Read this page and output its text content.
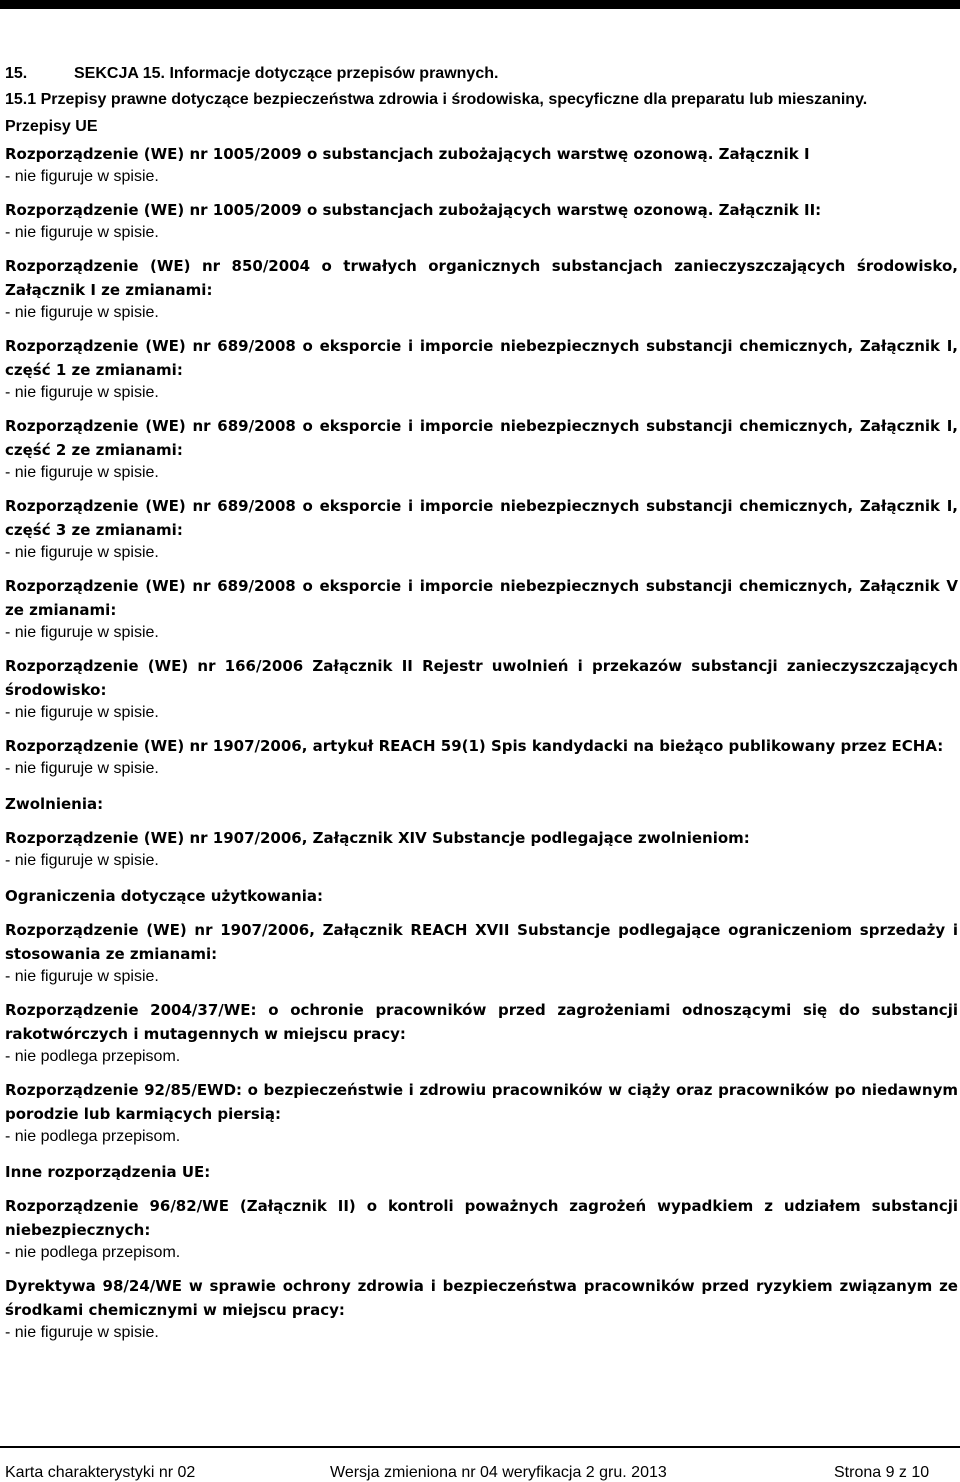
15.	SEKCJA 15. Informacje dotyczące przepisów prawnych.
15.1 Przepisy prawne dotyczące bezpieczeństwa zdrowia i środowiska, specyficzne dla preparatu lub mieszaniny.
Przepisy UE
Rozporządzenie (WE) nr 1005/2009 o substancjach zubożających warstwę ozonową. Załącznik I
- nie figuruje w spisie.
Rozporządzenie (WE) nr 1005/2009 o substancjach zubożających warstwę ozonową. Załącznik II:
- nie figuruje w spisie.
Rozporządzenie (WE) nr 850/2004 o trwałych organicznych substancjach zanieczyszczających środowisko, Załącznik I ze zmianami:
- nie figuruje w spisie.
Rozporządzenie (WE) nr 689/2008 o eksporcie i imporcie niebezpiecznych substancji chemicznych, Załącznik I, część 1 ze zmianami:
- nie figuruje w spisie.
Rozporządzenie (WE) nr 689/2008 o eksporcie i imporcie niebezpiecznych substancji chemicznych, Załącznik I, część 2 ze zmianami:
- nie figuruje w spisie.
Rozporządzenie (WE) nr 689/2008 o eksporcie i imporcie niebezpiecznych substancji chemicznych, Załącznik I, część 3 ze zmianami:
- nie figuruje w spisie.
Rozporządzenie (WE) nr 689/2008 o eksporcie i imporcie niebezpiecznych substancji chemicznych, Załącznik V ze zmianami:
- nie figuruje w spisie.
Rozporządzenie (WE) nr 166/2006 Załącznik II Rejestr uwolnień i przekazów substancji zanieczyszczających środowisko:
- nie figuruje w spisie.
Rozporządzenie (WE) nr 1907/2006, artykuł REACH 59(1) Spis kandydacki na bieżąco publikowany przez ECHA:
- nie figuruje w spisie.
Zwolnienia:
Rozporządzenie (WE) nr 1907/2006, Załącznik XIV Substancje podlegające zwolnieniom:
- nie figuruje w spisie.
Ograniczenia dotyczące użytkowania:
Rozporządzenie (WE) nr 1907/2006, Załącznik REACH XVII Substancje podlegające ograniczeniom sprzedaży i stosowania ze zmianami:
- nie figuruje w spisie.
Rozporządzenie 2004/37/WE: o ochronie pracowników przed zagrożeniami odnoszącymi się do substancji rakotwórczych i mutagennych w miejscu pracy:
- nie podlega przepisom.
Rozporządzenie 92/85/EWD: o bezpieczeństwie i zdrowiu pracowników w ciąży oraz pracowników po niedawnym porodzie lub karmiących piersią:
- nie podlega przepisom.
Inne rozporządzenia UE:
Rozporządzenie 96/82/WE (Załącznik II) o kontroli poważnych zagrożeń wypadkiem z udziałem substancji niebezpiecznych:
- nie podlega przepisom.
Dyrektywa 98/24/WE w sprawie ochrony zdrowia i bezpieczeństwa pracowników przed ryzykiem związanym ze środkami chemicznymi w miejscu pracy:
- nie figuruje w spisie.
Karta charakterystyki nr 02	Wersja zmieniona nr 04 weryfikacja 2 gru. 2013	Strona 9 z 10
